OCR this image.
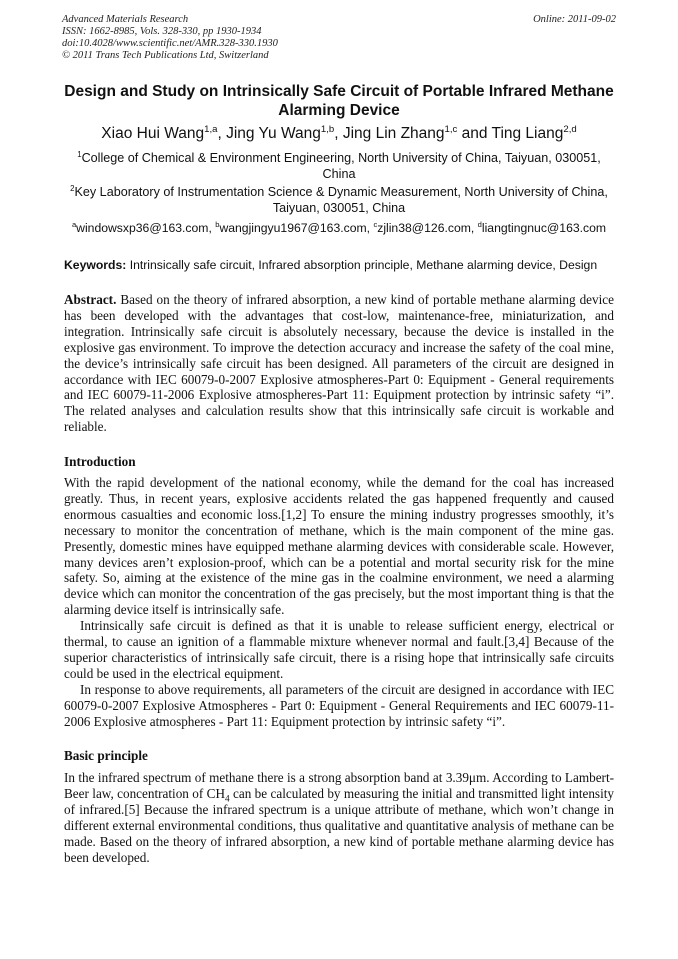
Advanced Materials Research
ISSN: 1662-8985, Vols. 328-330, pp 1930-1934
doi:10.4028/www.scientific.net/AMR.328-330.1930
© 2011 Trans Tech Publications Ltd, Switzerland
Online: 2011-09-02
Design and Study on Intrinsically Safe Circuit of Portable Infrared Methane Alarming Device
Xiao Hui Wang$^{1,a}$, Jing Yu Wang$^{1,b}$, Jing Lin Zhang$^{1,c}$ and Ting Liang$^{2,d}$
$^1$College of Chemical & Environment Engineering, North University of China, Taiyuan, 030051, China
$^2$Key Laboratory of Instrumentation Science & Dynamic Measurement, North University of China, Taiyuan, 030051, China
$^a$windowsxp36@163.com, $^b$wangjingyu1967@163.com, $^c$zjlin38@126.com, $^d$liangtingnuc@163.com
Keywords: Intrinsically safe circuit, Infrared absorption principle, Methane alarming device, Design
Abstract. Based on the theory of infrared absorption, a new kind of portable methane alarming device has been developed with the advantages that cost-low, maintenance-free, miniaturization, and integration. Intrinsically safe circuit is absolutely necessary, because the device is installed in the explosive gas environment. To improve the detection accuracy and increase the safety of the coal mine, the device’s intrinsically safe circuit has been designed. All parameters of the circuit are designed in accordance with IEC 60079-0-2007 Explosive atmospheres-Part 0: Equipment - General requirements and IEC 60079-11-2006 Explosive atmospheres-Part 11: Equipment protection by intrinsic safety “i”. The related analyses and calculation results show that this intrinsically safe circuit is workable and reliable.
Introduction

With the rapid development of the national economy, while the demand for the coal has increased greatly. Thus, in recent years, explosive accidents related the gas happened frequently and caused enormous casualties and economic loss.[1,2] To ensure the mining industry progresses smoothly, it’s necessary to monitor the concentration of methane, which is the main component of the mine gas. Presently, domestic mines have equipped methane alarming devices with considerable scale. However, many devices aren’t explosion-proof, which can be a potential and mortal security risk for the mine safety. So, aiming at the existence of the mine gas in the coalmine environment, we need a alarming device which can monitor the concentration of the gas precisely, but the most important thing is that the alarming device itself is intrinsically safe.

Intrinsically safe circuit is defined as that it is unable to release sufficient energy, electrical or thermal, to cause an ignition of a flammable mixture whenever normal and fault.[3,4] Because of the superior characteristics of intrinsically safe circuit, there is a rising hope that intrinsically safe circuits could be used in the electrical equipment.

In response to above requirements, all parameters of the circuit are designed in accordance with IEC 60079-0-2007 Explosive Atmospheres - Part 0: Equipment - General Requirements and IEC 60079-11-2006 Explosive atmospheres - Part 11: Equipment protection by intrinsic safety “i”.

Basic principle

In the infrared spectrum of methane there is a strong absorption band at 3.39μm. According to Lambert-Beer law, concentration of $CH_4$ can be calculated by measuring the initial and transmitted light intensity of infrared.[5] Because the infrared spectrum is a unique attribute of methane, which won’t change in different external environmental conditions, thus qualitative and quantitative analysis of methane can be made. Based on the theory of infrared absorption, a new kind of portable methane alarming device has been developed.
